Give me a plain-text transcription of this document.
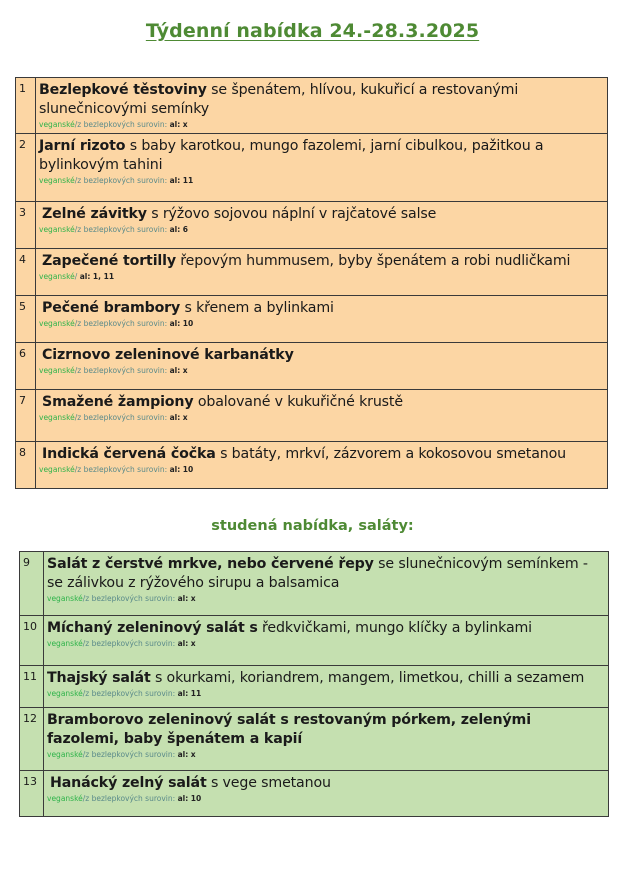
Týdenní nabídka 24.-28.3.2025
1	Bezlepkové těstoviny se špenátem, hlívou, kukuřicí a restovanými slunečnicovými semínky
veganské/z bezlepkových surovin: al: x

2	Jarní rizoto s baby karotkou, mungo fazolemi, jarní cibulkou, pažitkou a bylinkovým tahini
veganské/z bezlepkových surovin: al: 11

3	Zelné závitky s rýžovo sojovou náplní v rajčatové salse
veganské/z bezlepkových surovin: al: 6

4	Zapečené tortilly řepovým hummusem, byby špenátem a robi nudličkami
veganské/ al: 1, 11

5	Pečené brambory s křenem a bylinkami
veganské/z bezlepkových surovin: al: 10

6	Cizrnovo zeleninové karbanátky
veganské/z bezlepkových surovin: al: x

7	Smažené žampiony obalované v kukuřičné krustě
veganské/z bezlepkových surovin: al: x

8	Indická červená čočka s batáty, mrkví, zázvorem a kokosovou smetanou
veganské/z bezlepkových surovin: al: 10
studená nabídka, saláty:
9	Salát z čerstvé mrkve, nebo červené řepy se slunečnicovým semínkem - se zálivkou z rýžového sirupu a balsamica
veganské/z bezlepkových surovin: al: x

10	Míchaný zeleninový salát s ředkvičkami, mungo klíčky a bylinkami
veganské/z bezlepkových surovin: al: x

11	Thajský salát s okurkami, koriandrem, mangem, limetkou, chilli a sezamem
veganské/z bezlepkových surovin: al: 11

12	Bramborovo zeleninový salát s restovaným pórkem, zelenými fazolemi, baby špenátem a kapií
veganské/z bezlepkových surovin: al: x

13	Hanácký zelný salát s vege smetanou
veganské/z bezlepkových surovin: al: 10
